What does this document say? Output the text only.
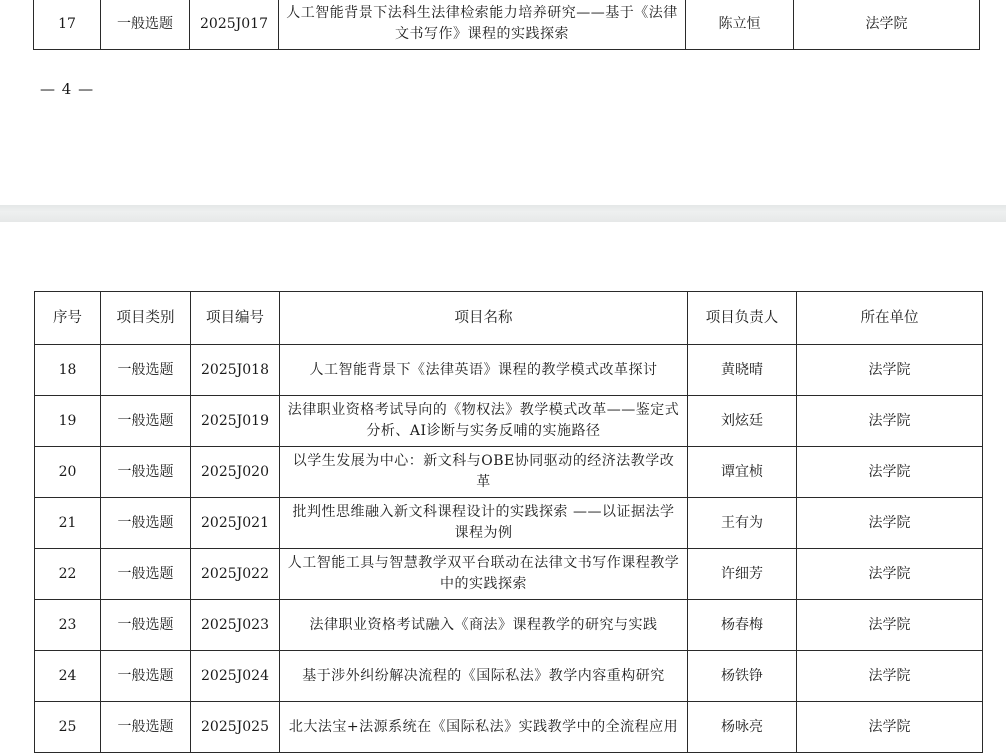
17	一般选题	2025J017	人工智能背景下法科生法律检索能力培养研究——基于《法律文书写作》课程的实践探索	陈立恒	法学院
— 4 —
序号	项目类别	项目编号	项目名称	项目负责人	所在单位
18	一般选题	2025J018	人工智能背景下《法律英语》课程的教学模式改革探讨	黄晓晴	法学院
19	一般选题	2025J019	法律职业资格考试导向的《物权法》教学模式改革——鉴定式分析、AI诊断与实务反哺的实施路径	刘炫廷	法学院
20	一般选题	2025J020	以学生发展为中心：新文科与OBE协同驱动的经济法教学改革	谭宜桢	法学院
21	一般选题	2025J021	批判性思维融入新文科课程设计的实践探索 ——以证据法学课程为例	王有为	法学院
22	一般选题	2025J022	人工智能工具与智慧教学双平台联动在法律文书写作课程教学中的实践探索	许细芳	法学院
23	一般选题	2025J023	法律职业资格考试融入《商法》课程教学的研究与实践	杨春梅	法学院
24	一般选题	2025J024	基于涉外纠纷解决流程的《国际私法》教学内容重构研究	杨铁铮	法学院
25	一般选题	2025J025	北大法宝+法源系统在《国际私法》实践教学中的全流程应用	杨咏亮	法学院
